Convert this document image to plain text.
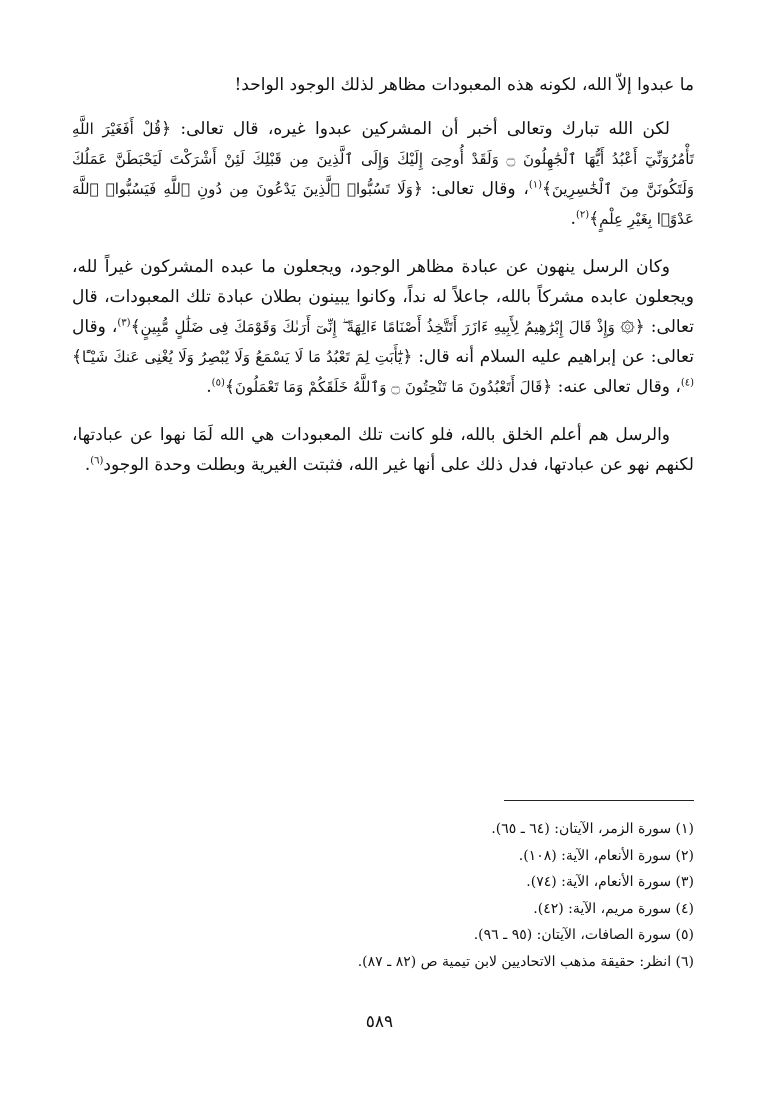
ما عبدوا إلاّ الله، لكونه هذه المعبودات مظاهر لذلك الوجود الواحد!

لكن الله تبارك وتعالى أخبر أن المشركين عبدوا غيره، قال تعالى: ﴿قُلْ أَفَغَيْرَ اللَّهِ تَأْمُرُوٓنِّيٓ أَعْبُدُ أَيُّهَا ٱلْجَٰهِلُونَ ۝ وَلَقَدْ أُوحِىَ إِلَيْكَ وَإِلَى ٱلَّذِينَ مِن قَبْلِكَ لَئِنْ أَشْرَكْتَ لَيَحْبَطَنَّ عَمَلُكَ وَلَتَكُونَنَّ مِنَ ٱلْخَٰسِرِينَ﴾$^{(١)}$، وقال تعالى: ﴿وَلَا تَسُبُّوا۟ ٱلَّذِينَ يَدْعُونَ مِن دُونِ ٱللَّهِ فَيَسُبُّوا۟ ٱللَّهَ عَدْوًۢا بِغَيْرِ عِلْمٍ﴾$^{(٢)}$.

وكان الرسل ينهون عن عبادة مظاهر الوجود، ويجعلون ما عبده المشركون غيراً لله، ويجعلون عابده مشركاً بالله، جاعلاً له نداً، وكانوا يبينون بطلان عبادة تلك المعبودات، قال تعالى: ﴿۞ وَإِذْ قَالَ إِبْرَٰهِيمُ لِأَبِيهِ ءَازَرَ أَتَتَّخِذُ أَصْنَامًا ءَالِهَةً ۖ إِنِّىٓ أَرَىٰكَ وَقَوْمَكَ فِى ضَلَٰلٍ مُّبِينٍ﴾$^{(٣)}$، وقال تعالى: عن إبراهيم عليه السلام أنه قال: ﴿يَٰٓأَبَتِ لِمَ تَعْبُدُ مَا لَا يَسْمَعُ وَلَا يُبْصِرُ وَلَا يُغْنِى عَنكَ شَيْـًٔا﴾$^{(٤)}$، وقال تعالى عنه: ﴿قَالَ أَتَعْبُدُونَ مَا تَنْحِتُونَ ۝ وَٱللَّهُ خَلَقَكُمْ وَمَا تَعْمَلُونَ﴾$^{(٥)}$.

والرسل هم أعلم الخلق بالله، فلو كانت تلك المعبودات هي الله لَمَا نهوا عن عبادتها، لكنهم نهو عن عبادتها، فدل ذلك على أنها غير الله، فثبتت الغيرية وبطلت وحدة الوجود$^{(٦)}$.

(١) سورة الزمر، الآيتان: (٦٤ ـ ٦٥).
(٢) سورة الأنعام، الآية: (١٠٨).
(٣) سورة الأنعام، الآية: (٧٤).
(٤) سورة مريم، الآية: (٤٢).
(٥) سورة الصافات، الآيتان: (٩٥ ـ ٩٦).
(٦) انظر: حقيقة مذهب الاتحاديين لابن تيمية ص (٨٢ ـ ٨٧).
٥٨٩
